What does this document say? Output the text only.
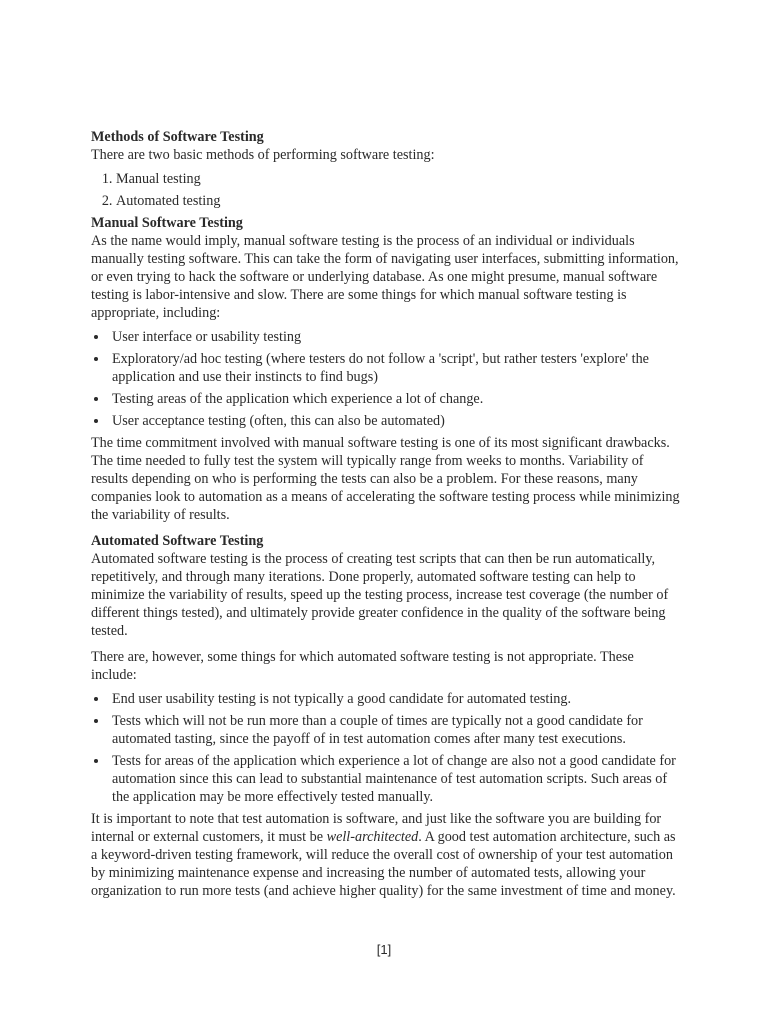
Methods of Software Testing

There are two basic methods of performing software testing:

1. Manual testing
2. Automated testing
Manual Software Testing

As the name would imply, manual software testing is the process of an individual or individuals manually testing software. This can take the form of navigating user interfaces, submitting information, or even trying to hack the software or underlying database. As one might presume, manual software testing is labor-intensive and slow. There are some things for which manual software testing is appropriate, including:

User interface or usability testing
Exploratory/ad hoc testing (where testers do not follow a 'script', but rather testers 'explore' the application and use their instincts to find bugs)
Testing areas of the application which experience a lot of change.
User acceptance testing (often, this can also be automated)

The time commitment involved with manual software testing is one of its most significant drawbacks. The time needed to fully test the system will typically range from weeks to months. Variability of results depending on who is performing the tests can also be a problem. For these reasons, many companies look to automation as a means of accelerating the software testing process while minimizing the variability of results.

Automated Software Testing

Automated software testing is the process of creating test scripts that can then be run automatically, repetitively, and through many iterations. Done properly, automated software testing can help to minimize the variability of results, speed up the testing process, increase test coverage (the number of different things tested), and ultimately provide greater confidence in the quality of the software being tested.

There are, however, some things for which automated software testing is not appropriate. These include:

End user usability testing is not typically a good candidate for automated testing.
Tests which will not be run more than a couple of times are typically not a good candidate for automated tasting, since the payoff of in test automation comes after many test executions.
Tests for areas of the application which experience a lot of change are also not a good candidate for automation since this can lead to substantial maintenance of test automation scripts. Such areas of the application may be more effectively tested manually.

It is important to note that test automation is software, and just like the software you are building for internal or external customers, it must be well-architected. A good test automation architecture, such as a keyword-driven testing framework, will reduce the overall cost of ownership of your test automation by minimizing maintenance expense and increasing the number of automated tests, allowing your organization to run more tests (and achieve higher quality) for the same investment of time and money.

[1]
